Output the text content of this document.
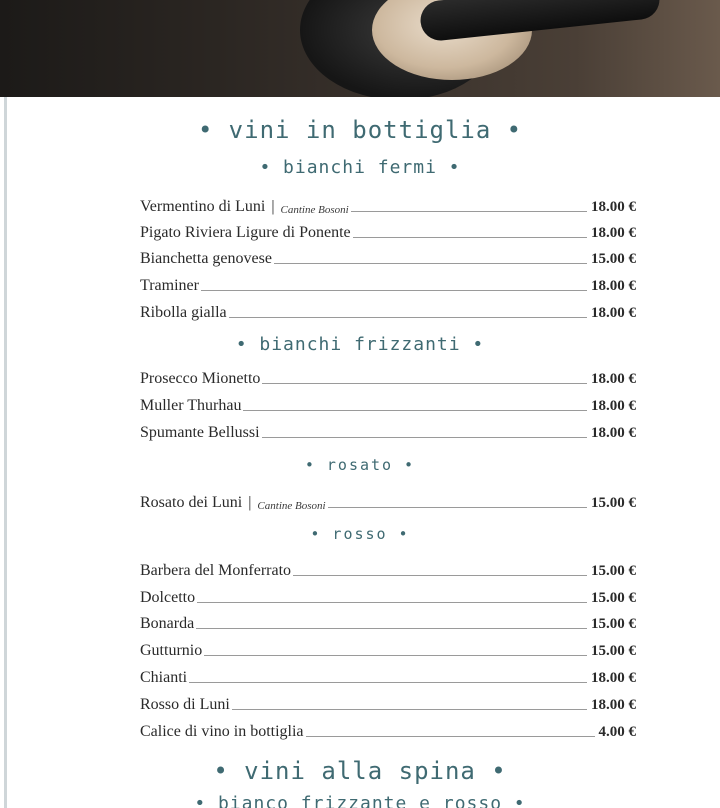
• vini in bottiglia •
• bianchi fermi •
Vermentino di Luni | Cantine Bosoni	18.00 €
Pigato Riviera Ligure di Ponente	18.00 €
Bianchetta genovese	15.00 €
Traminer	18.00 €
Ribolla gialla	18.00 €
• bianchi frizzanti •
Prosecco Mionetto	18.00 €
Muller Thurhau	18.00 €
Spumante Bellussi	18.00 €
• rosato •
Rosato dei Luni | Cantine Bosoni	15.00 €
• rosso •
Barbera del Monferrato	15.00 €
Dolcetto	15.00 €
Bonarda	15.00 €
Gutturnio	15.00 €
Chianti	18.00 €
Rosso di Luni	18.00 €
Calice di vino in bottiglia	4.00 €
• vini alla spina •
• bianco frizzante e rosso •
